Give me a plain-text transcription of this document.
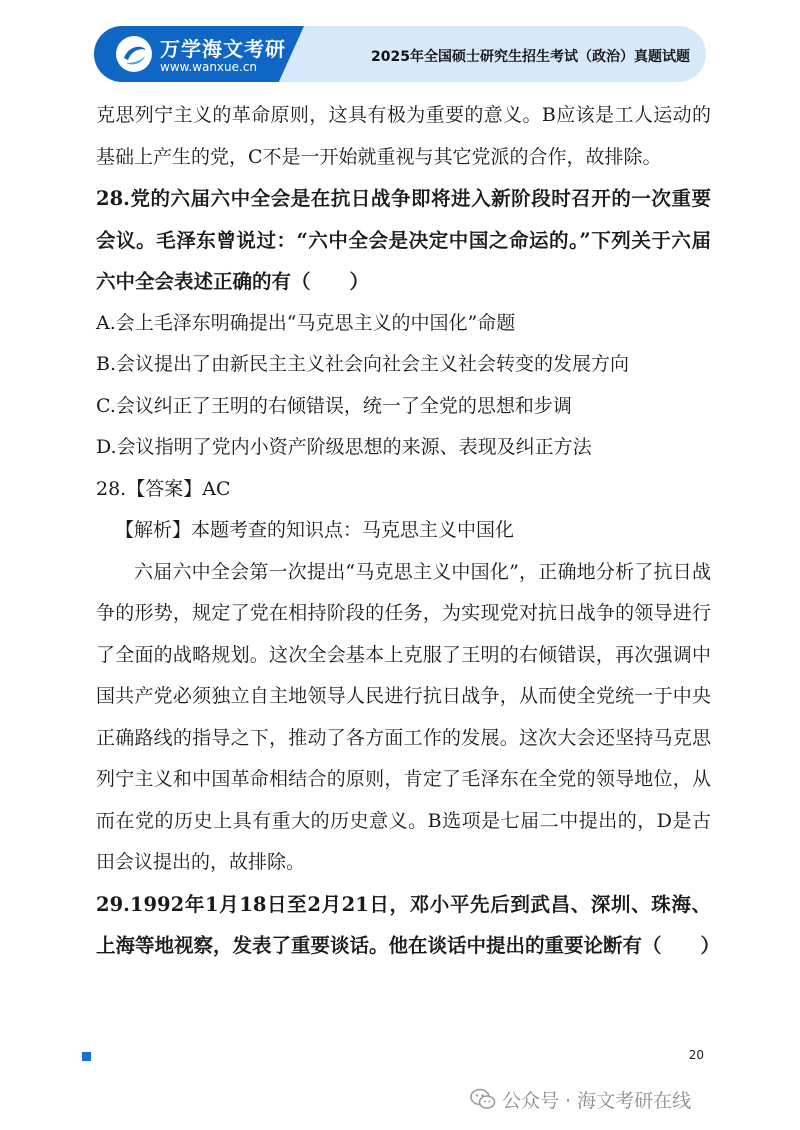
万学海文考研
www.wanxue.cn
2025年全国硕士研究生招生考试（政治）真题试题

克思列宁主义的革命原则，这具有极为重要的意义。B应该是工人运动的基础上产生的党，C不是一开始就重视与其它党派的合作，故排除。

28.党的六届六中全会是在抗日战争即将进入新阶段时召开的一次重要会议。毛泽东曾说过：“六中全会是决定中国之命运的。”下列关于六届六中全会表述正确的有（　　）

A.会上毛泽东明确提出“马克思主义的中国化”命题

B.会议提出了由新民主主义社会向社会主义社会转变的发展方向

C.会议纠正了王明的右倾错误，统一了全党的思想和步调

D.会议指明了党内小资产阶级思想的来源、表现及纠正方法

28.【答案】AC

【解析】本题考查的知识点：马克思主义中国化

六届六中全会第一次提出“马克思主义中国化”，正确地分析了抗日战争的形势，规定了党在相持阶段的任务，为实现党对抗日战争的领导进行了全面的战略规划。这次全会基本上克服了王明的右倾错误，再次强调中国共产党必须独立自主地领导人民进行抗日战争，从而使全党统一于中央正确路线的指导之下，推动了各方面工作的发展。这次大会还坚持马克思列宁主义和中国革命相结合的原则，肯定了毛泽东在全党的领导地位，从而在党的历史上具有重大的历史意义。B选项是七届二中提出的，D是古田会议提出的，故排除。

29.1992年1月18日至2月21日，邓小平先后到武昌、深圳、珠海、上海等地视察，发表了重要谈话。他在谈话中提出的重要论断有（　　）

20
公众号 · 海文考研在线
